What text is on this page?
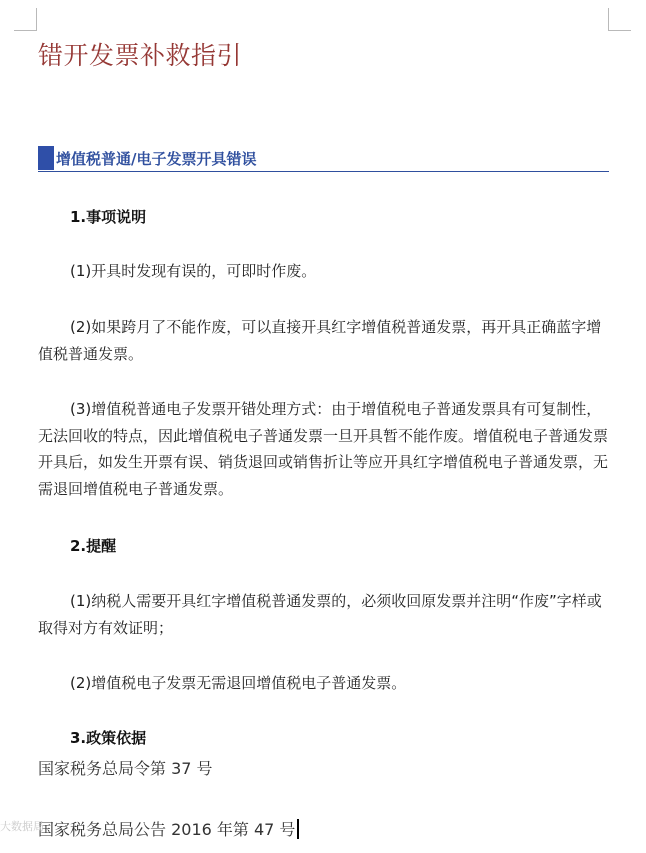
错开发票补救指引
增值税普通/电子发票开具错误
1.事项说明
(1)开具时发现有误的，可即时作废。
(2)如果跨月了不能作废，可以直接开具红字增值税普通发票，再开具正确蓝字增值税普通发票。
(3)增值税普通电子发票开错处理方式：由于增值税电子普通发票具有可复制性，无法回收的特点，因此增值税电子普通发票一旦开具暂不能作废。增值税电子普通发票开具后，如发生开票有误、销货退回或销售折让等应开具红字增值税电子普通发票，无需退回增值税电子普通发票。
2.提醒
(1)纳税人需要开具红字增值税普通发票的，必须收回原发票并注明“作废”字样或取得对方有效证明；
(2)增值税电子发票无需退回增值税电子普通发票。
3.政策依据
国家税务总局令第 37 号
国家税务总局公告 2016 年第 47 号
大数据局
